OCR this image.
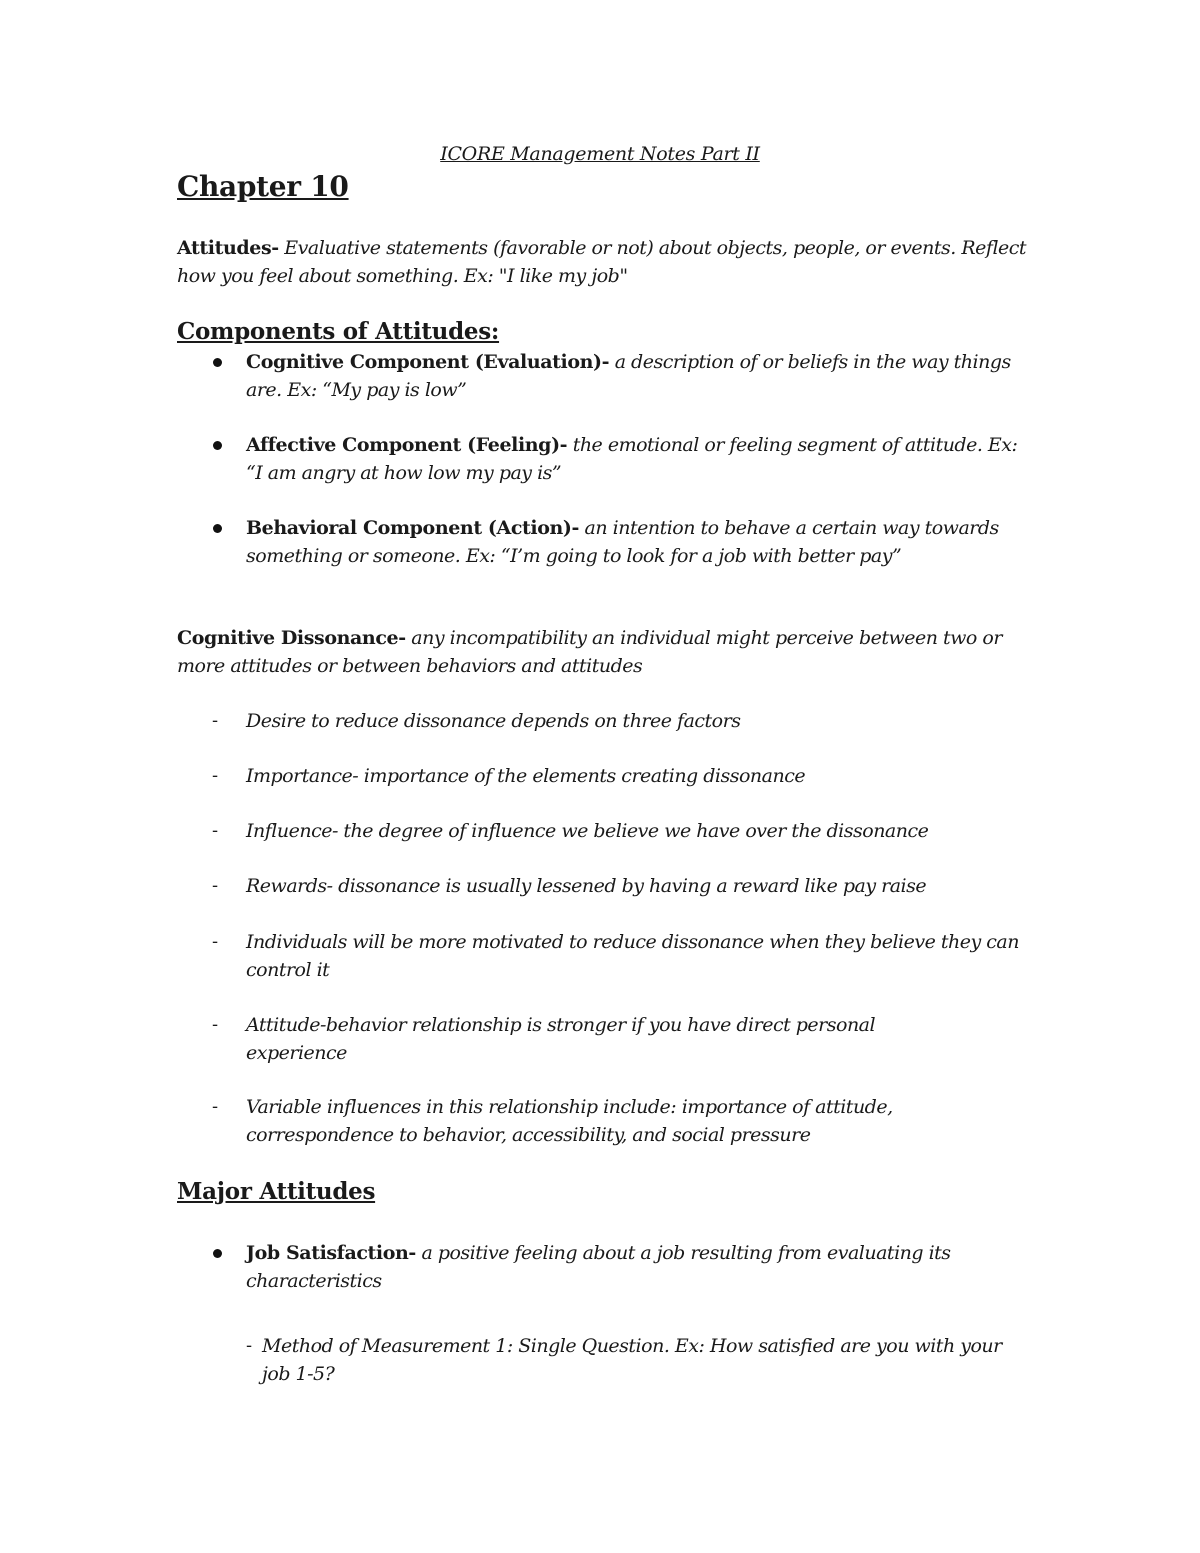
ICORE Management Notes Part II

Chapter 10

Attitudes- Evaluative statements (favorable or not) about objects, people, or events. Reflect how you feel about something. Ex: "I like my job"

Components of Attitudes:

Cognitive Component (Evaluation)- a description of or beliefs in the way things are. Ex: “My pay is low”

Affective Component (Feeling)- the emotional or feeling segment of attitude. Ex: “I am angry at how low my pay is”

Behavioral Component (Action)- an intention to behave a certain way towards something or someone. Ex: “I’m going to look for a job with better pay”

Cognitive Dissonance- any incompatibility an individual might perceive between two or more attitudes or between behaviors and attitudes

- Desire to reduce dissonance depends on three factors

- Importance- importance of the elements creating dissonance

- Influence- the degree of influence we believe we have over the dissonance

- Rewards- dissonance is usually lessened by having a reward like pay raise

- Individuals will be more motivated to reduce dissonance when they believe they can control it

- Attitude-behavior relationship is stronger if you have direct personal experience

- Variable influences in this relationship include: importance of attitude, correspondence to behavior, accessibility, and social pressure

Major Attitudes

Job Satisfaction- a positive feeling about a job resulting from evaluating its characteristics

- Method of Measurement 1: Single Question. Ex: How satisfied are you with your job 1-5?
